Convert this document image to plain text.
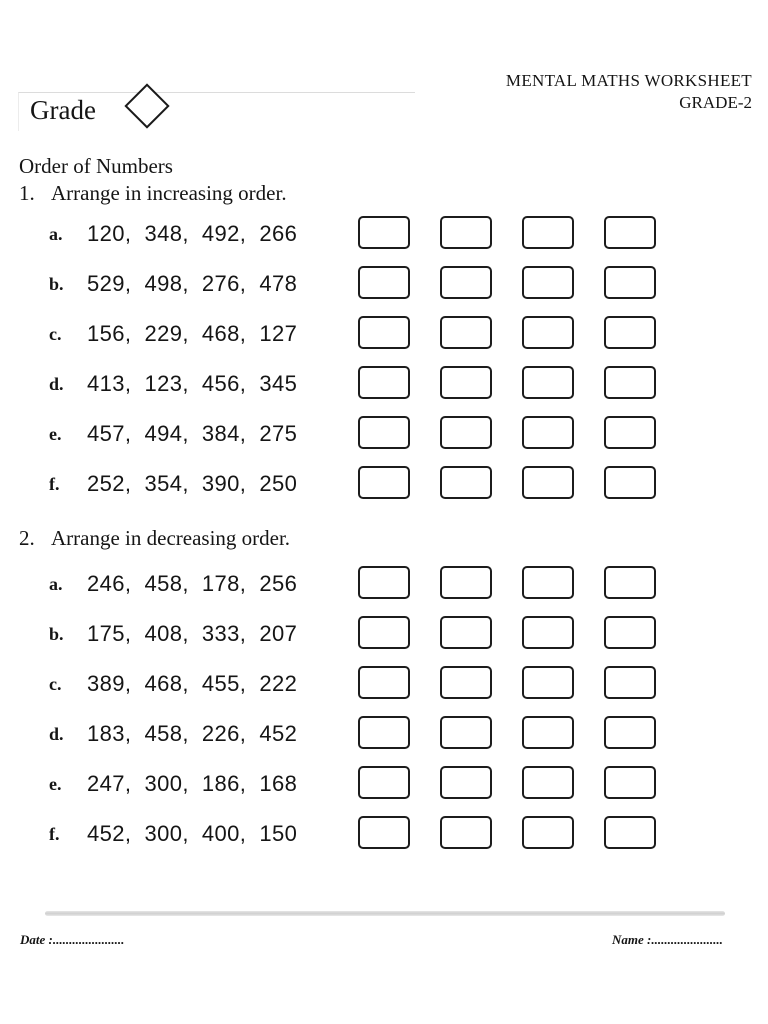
MENTAL MATHS WORKSHEET
GRADE-2
Grade
Order of Numbers
1. Arrange in increasing order.
a. 120,  348,  492,  266
b. 529,  498,  276,  478
c. 156,  229,  468,  127
d. 413,  123,  456,  345
e. 457,  494,  384,  275
f. 252,  354,  390,  250
2. Arrange in decreasing order.
a. 246,  458,  178,  256
b. 175,  408,  333,  207
c. 389,  468,  455,  222
d. 183,  458,  226,  452
e. 247,  300,  186,  168
f. 452,  300,  400,  150
Date :......................	Name :......................
